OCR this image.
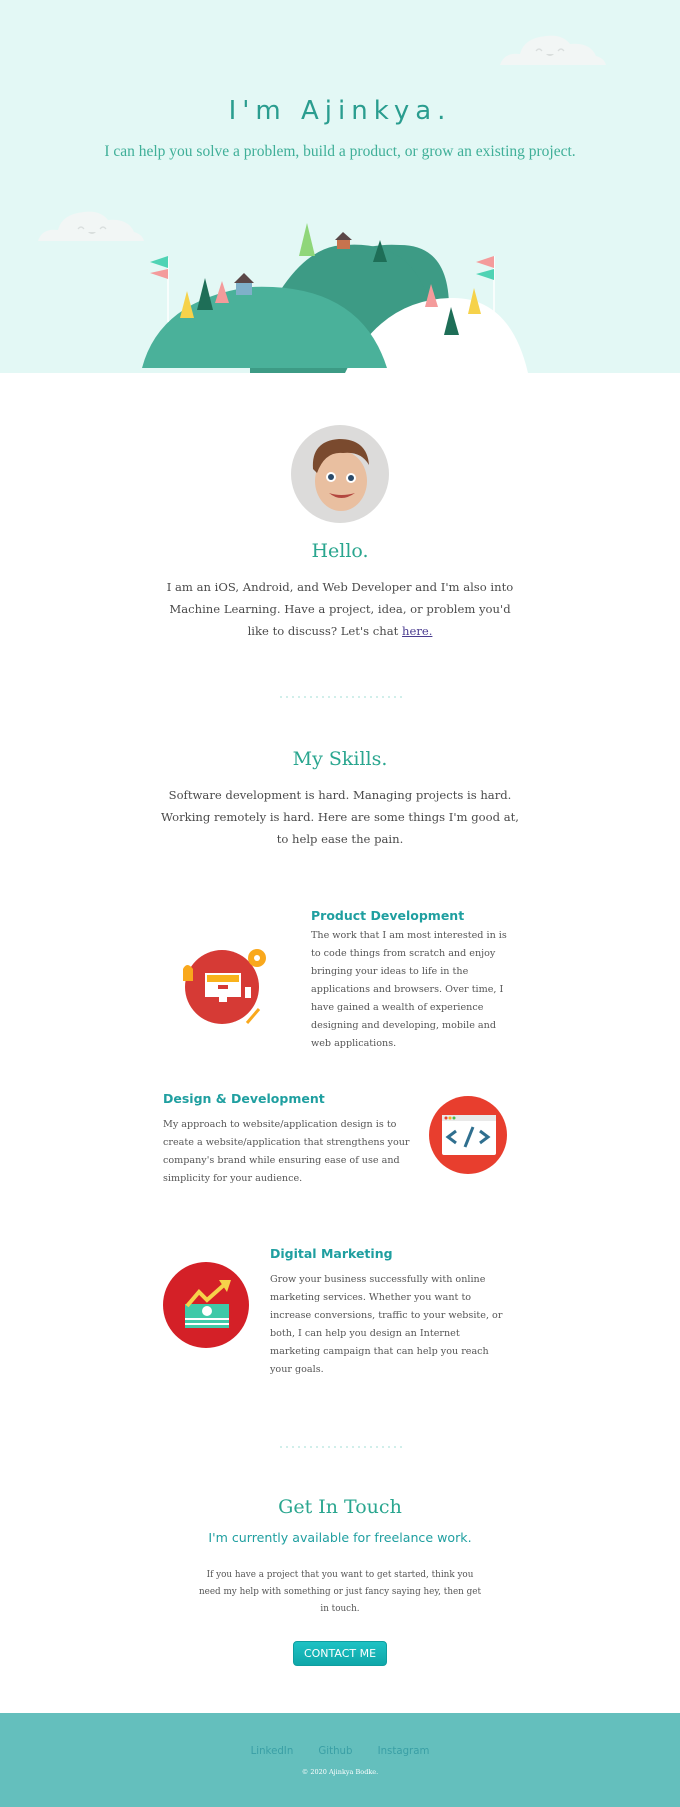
I'm Ajinkya.

I can help you solve a problem, build a product, or grow an existing project.

Hello.

I am an iOS, Android, and Web Developer and I'm also into Machine Learning. Have a project, idea, or problem you'd like to discuss? Let's chat here.

My Skills.

Software development is hard. Managing projects is hard. Working remotely is hard. Here are some things I'm good at, to help ease the pain.

Product Development

The work that I am most interested in is to code things from scratch and enjoy bringing your ideas to life in the applications and browsers. Over time, I have gained a wealth of experience designing and developing, mobile and web applications.

Design & Development

My approach to website/application design is to create a website/application that strengthens your company's brand while ensuring ease of use and simplicity for your audience.

Digital Marketing

Grow your business successfully with online marketing services. Whether you want to increase conversions, traffic to your website, or both, I can help you design an Internet marketing campaign that can help you reach your goals.

Get In Touch

I'm currently available for freelance work.

If you have a project that you want to get started, think you need my help with something or just fancy saying hey, then get in touch.

CONTACT ME
LinkedIn Github Instagram

© 2020 Ajinkya Bodke.
